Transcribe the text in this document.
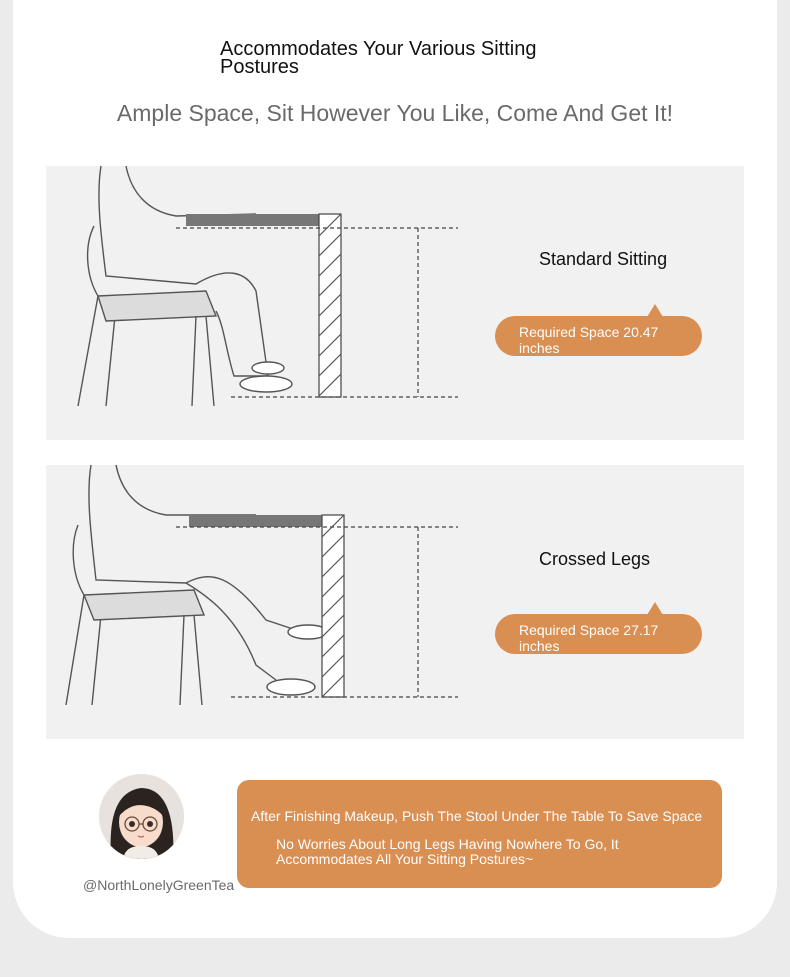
Accommodates Your Various Sitting Postures
Ample Space, Sit However You Like, Come And Get It!
Standard Sitting
Required Space 20.47 inches
Crossed Legs
Required Space 27.17 inches
@NorthLonelyGreenTea
After Finishing Makeup, Push The Stool Under The Table To Save Space
No Worries About Long Legs Having Nowhere To Go, It Accommodates All Your Sitting Postures~
